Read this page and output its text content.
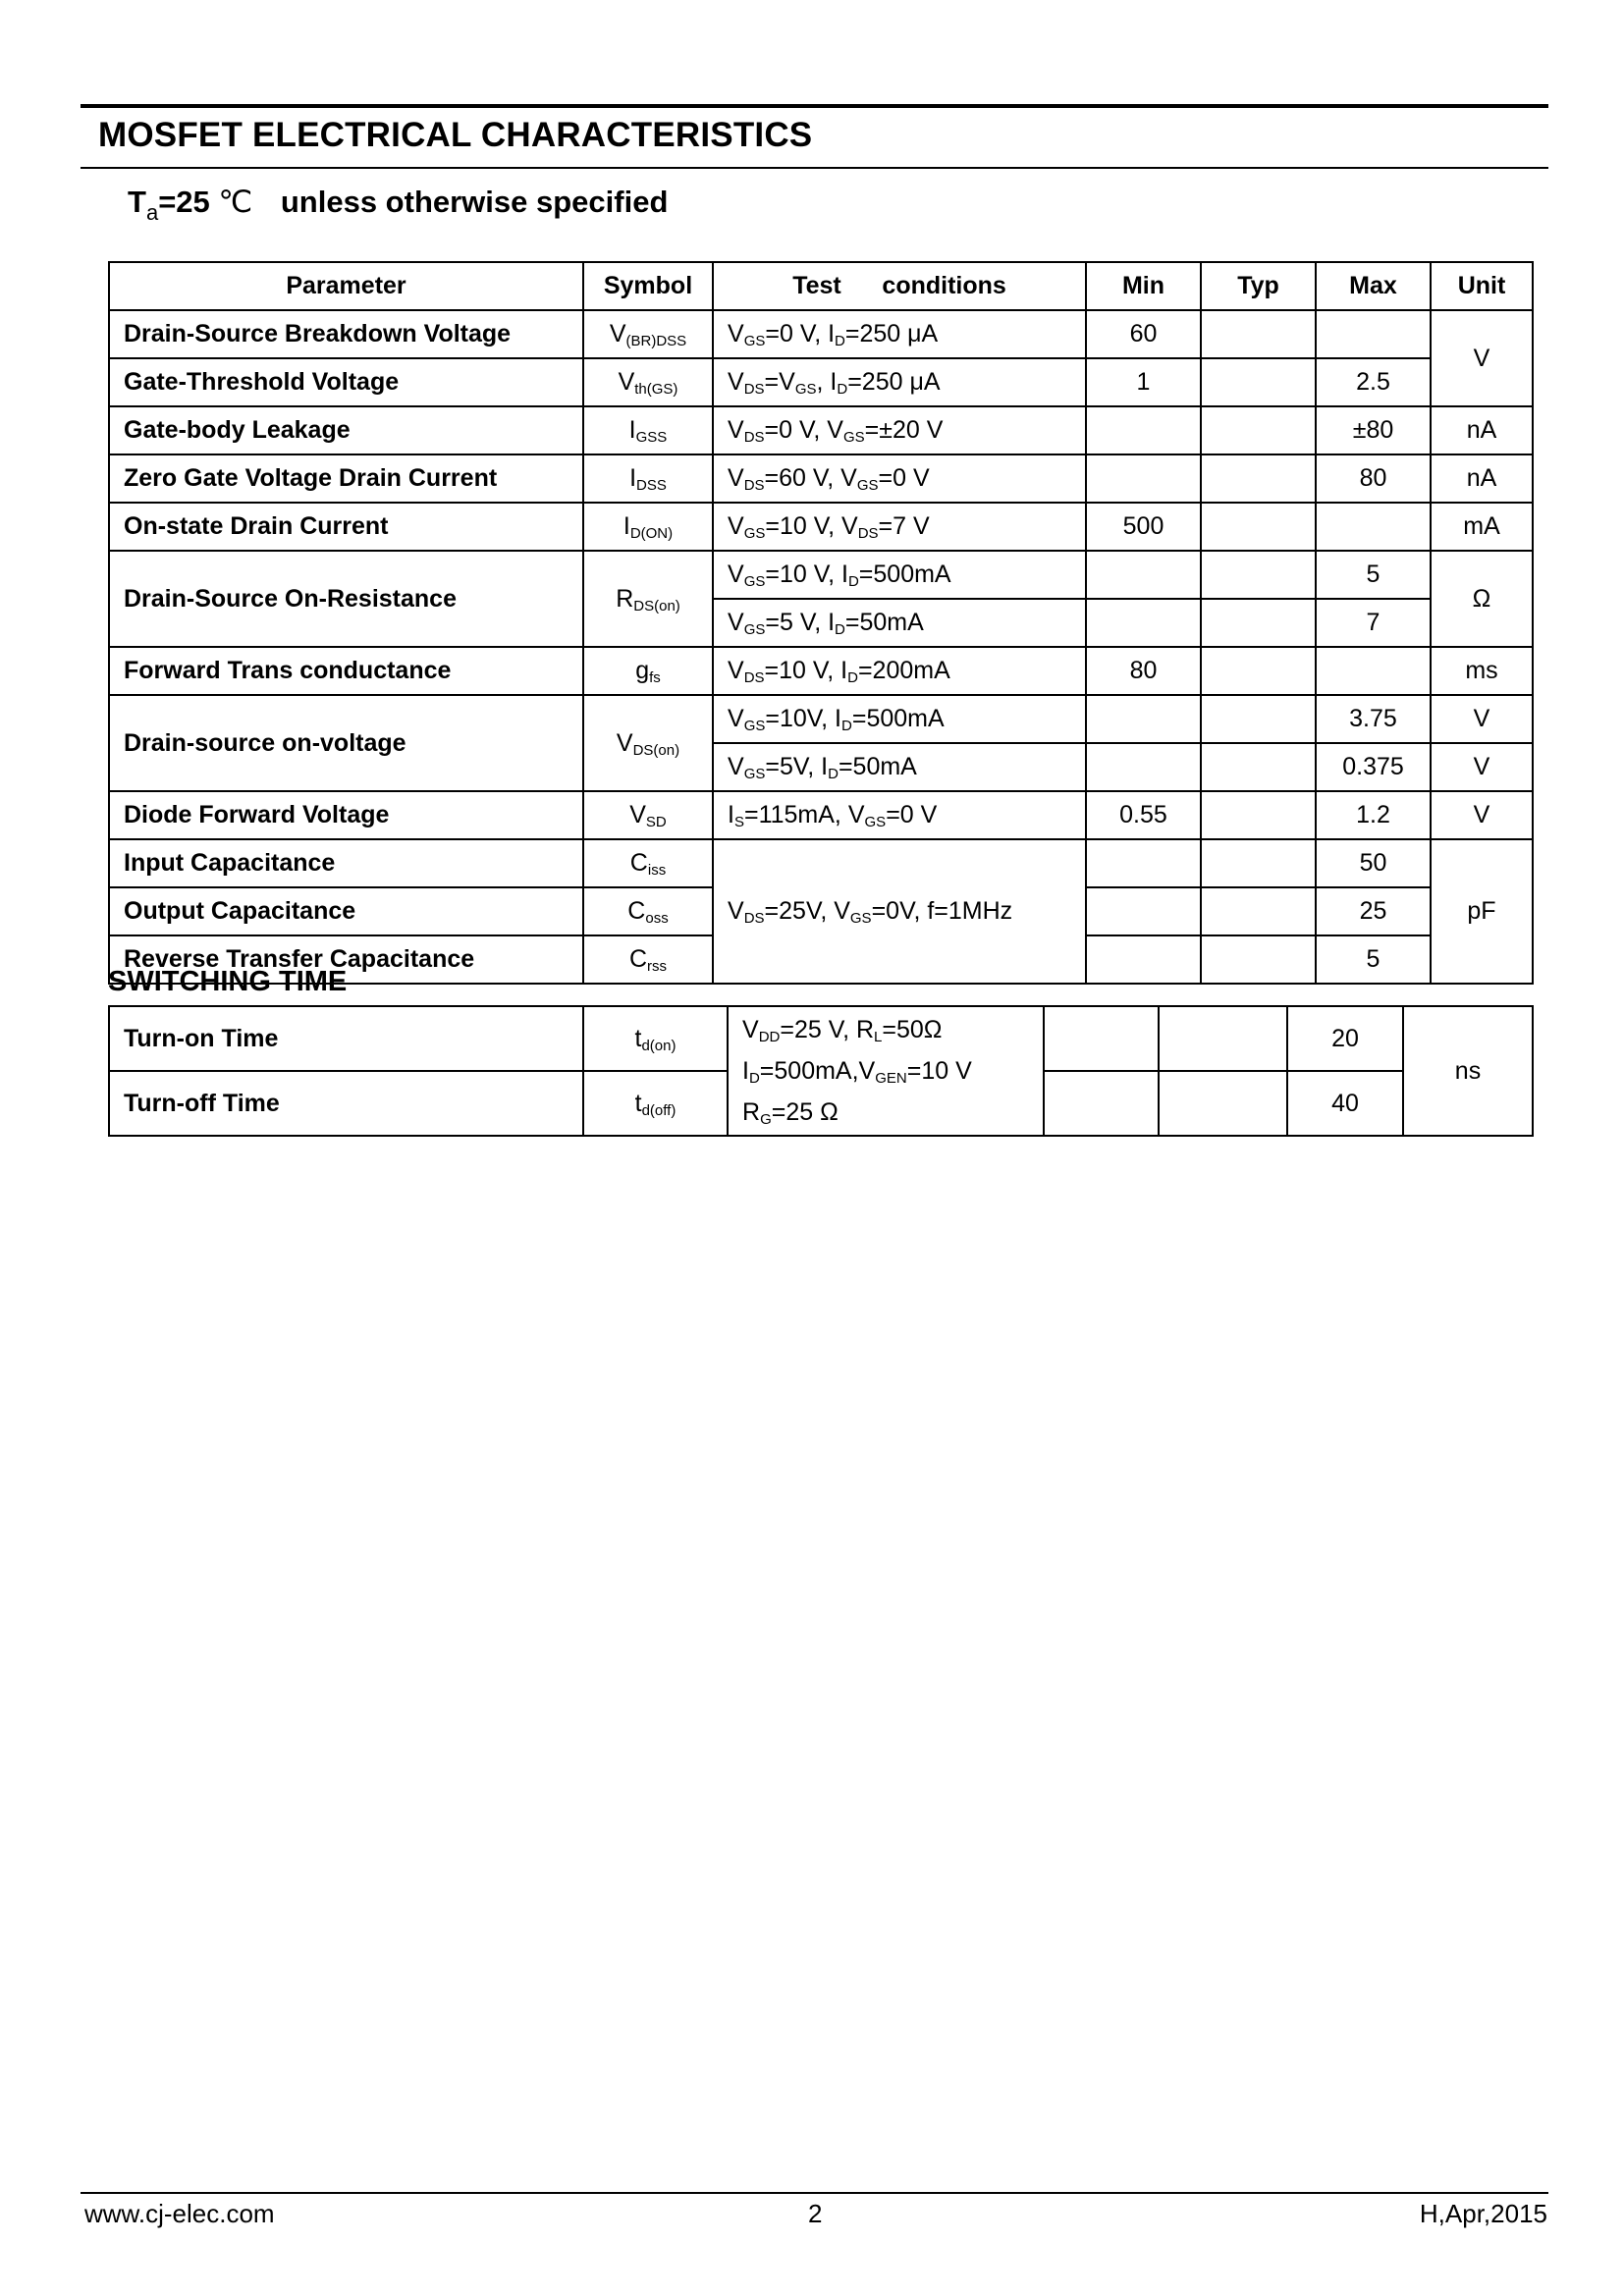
MOSFET ELECTRICAL CHARACTERISTICS
$T_a=25$ ℃ unless otherwise specified
Parameter	Symbol	Test      conditions	Min	Typ	Max	Unit
Drain-Source Breakdown Voltage	$V_{(BR)DSS}$	$V_{GS}=0$ V, $I_D=250$ μA	60			V
Gate-Threshold Voltage	$V_{th(GS)}$	$V_{DS}=V_{GS}$, $I_D=250$ μA	1		2.5	
Gate-body Leakage	$I_{GSS}$	$V_{DS}=0$ V, $V_{GS}=\pm 20$ V			±80	nA
Zero Gate Voltage Drain Current	$I_{DSS}$	$V_{DS}=60$ V, $V_{GS}=0$ V			80	nA
On-state Drain Current	$I_{D(ON)}$	$V_{GS}=10$ V, $V_{DS}=7$ V	500			mA
Drain-Source On-Resistance	$R_{DS(on)}$	$V_{GS}=10$ V, $I_D=500mA$			5	Ω
		$V_{GS}=5$ V, $I_D=50mA$			7	
Forward Trans conductance	$g_{fs}$	$V_{DS}=10$ V, $I_D=200mA$	80			ms
Drain-source on-voltage	$V_{DS(on)}$	$V_{GS}=10V$, $I_D=500mA$			3.75	V
		$V_{GS}=5V$, $I_D=50mA$			0.375	V
Diode Forward Voltage	$V_{SD}$	$I_S=115mA$, $V_{GS}=0$ V	0.55		1.2	V
Input Capacitance	$C_{iss}$	$V_{DS}=25V$, $V_{GS}=0V$, f=1MHz			50	pF
Output Capacitance	$C_{oss}$				25	
Reverse Transfer Capacitance	$C_{rss}$				5	
SWITCHING TIME
Turn-on Time	$t_{d(on)}$	$V_{DD}=25$ V, $R_L=50\Omega$
$I_D=500mA,V_{GEN}=10$ V
$R_G=25$ Ω			20	ns
Turn-off Time	$t_{d(off)}$				40	
www.cj-elec.com	2	H,Apr,2015
